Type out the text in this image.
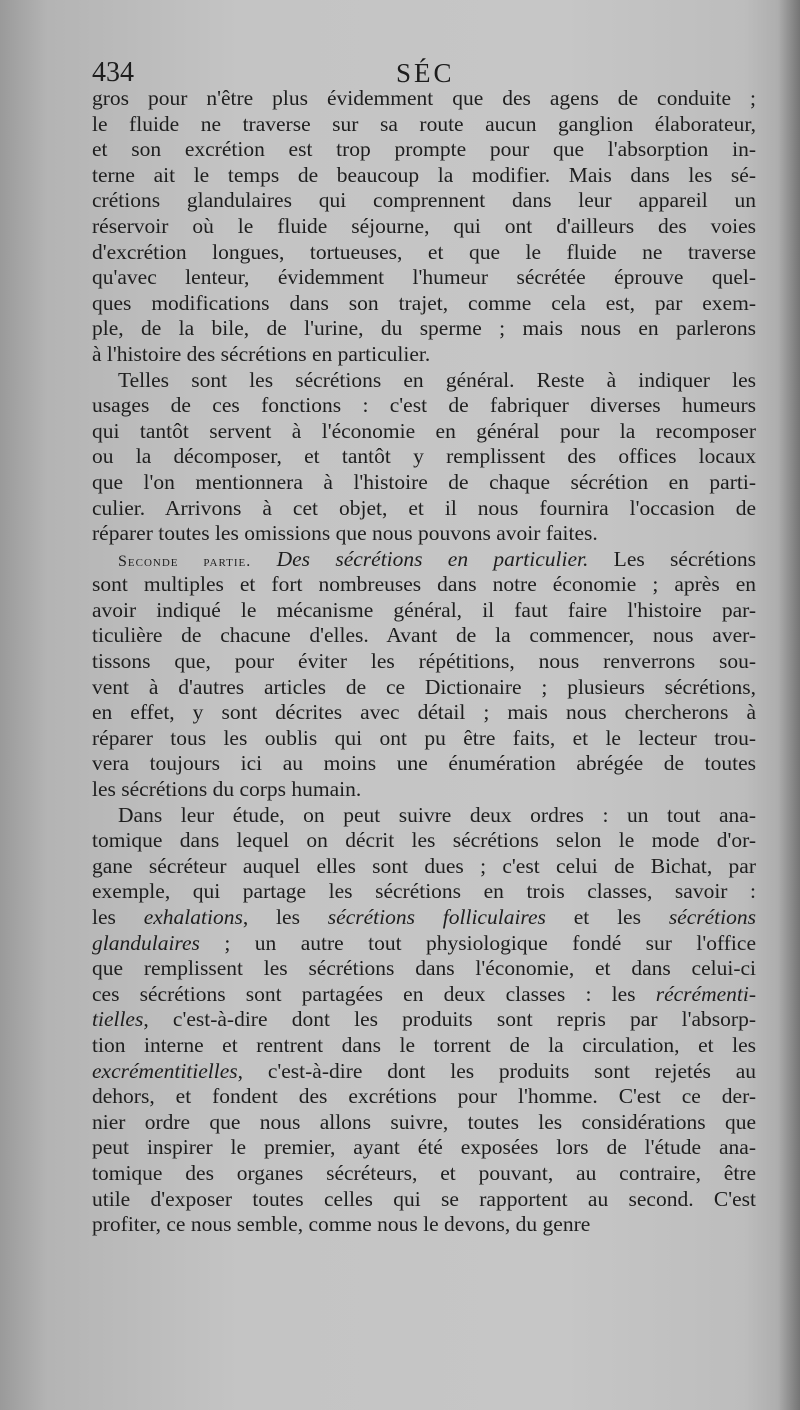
434	SÉC
gros pour n'être plus évidemment que des agens de conduite ;
le fluide ne traverse sur sa route aucun ganglion élaborateur,
et son excrétion est trop prompte pour que l'absorption in-
terne ait le temps de beaucoup la modifier. Mais dans les sé-
crétions glandulaires qui comprennent dans leur appareil un
réservoir où le fluide séjourne, qui ont d'ailleurs des voies
d'excrétion longues, tortueuses, et que le fluide ne traverse
qu'avec lenteur, évidemment l'humeur sécrétée éprouve quel-
ques modifications dans son trajet, comme cela est, par exem-
ple, de la bile, de l'urine, du sperme ; mais nous en parlerons
à l'histoire des sécrétions en particulier.
Telles sont les sécrétions en général. Reste à indiquer les
usages de ces fonctions : c'est de fabriquer diverses humeurs
qui tantôt servent à l'économie en général pour la recomposer
ou la décomposer, et tantôt y remplissent des offices locaux
que l'on mentionnera à l'histoire de chaque sécrétion en parti-
culier. Arrivons à cet objet, et il nous fournira l'occasion de
réparer toutes les omissions que nous pouvons avoir faites.
Seconde partie. Des sécrétions en particulier. Les sécrétions
sont multiples et fort nombreuses dans notre économie ; après en
avoir indiqué le mécanisme général, il faut faire l'histoire par-
ticulière de chacune d'elles. Avant de la commencer, nous aver-
tissons que, pour éviter les répétitions, nous renverrons sou-
vent à d'autres articles de ce Dictionaire ; plusieurs sécrétions,
en effet, y sont décrites avec détail ; mais nous chercherons à
réparer tous les oublis qui ont pu être faits, et le lecteur trou-
vera toujours ici au moins une énumération abrégée de toutes
les sécrétions du corps humain.
Dans leur étude, on peut suivre deux ordres : un tout ana-
tomique dans lequel on décrit les sécrétions selon le mode d'or-
gane sécréteur auquel elles sont dues ; c'est celui de Bichat, par
exemple, qui partage les sécrétions en trois classes, savoir :
les exhalations, les sécrétions folliculaires et les sécrétions
glandulaires ; un autre tout physiologique fondé sur l'office
que remplissent les sécrétions dans l'économie, et dans celui-ci
ces sécrétions sont partagées en deux classes : les récrémenti-
tielles, c'est-à-dire dont les produits sont repris par l'absorp-
tion interne et rentrent dans le torrent de la circulation, et les
excrémentitielles, c'est-à-dire dont les produits sont rejetés au
dehors, et fondent des excrétions pour l'homme. C'est ce der-
nier ordre que nous allons suivre, toutes les considérations que
peut inspirer le premier, ayant été exposées lors de l'étude ana-
tomique des organes sécréteurs, et pouvant, au contraire, être
utile d'exposer toutes celles qui se rapportent au second. C'est
profiter, ce nous semble, comme nous le devons, du genre
